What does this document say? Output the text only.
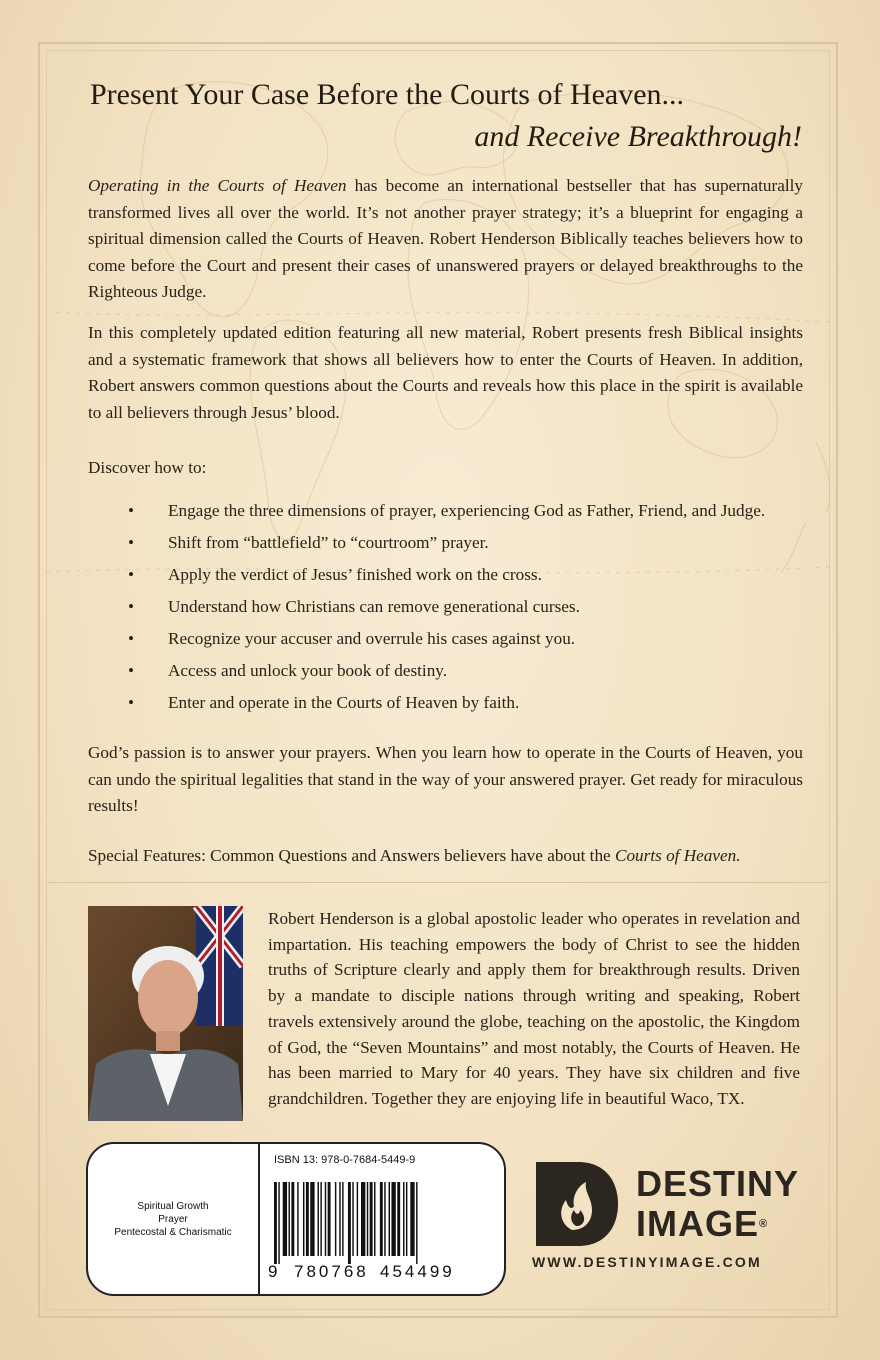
Present Your Case Before the Courts of Heaven...
and Receive Breakthrough!
Operating in the Courts of Heaven has become an international bestseller that has supernaturally transformed lives all over the world. It’s not another prayer strategy; it’s a blueprint for engaging a spiritual dimension called the Courts of Heaven. Robert Henderson Biblically teaches believers how to come before the Court and present their cases of unanswered prayers or delayed breakthroughs to the Righteous Judge.
In this completely updated edition featuring all new material, Robert presents fresh Biblical insights and a systematic framework that shows all believers how to enter the Courts of Heaven. In addition, Robert answers common questions about the Courts and reveals how this place in the spirit is available to all believers through Jesus’ blood.
Discover how to:
• Engage the three dimensions of prayer, experiencing God as Father, Friend, and Judge.
• Shift from “battlefield” to “courtroom” prayer.
• Apply the verdict of Jesus’ finished work on the cross.
• Understand how Christians can remove generational curses.
• Recognize your accuser and overrule his cases against you.
• Access and unlock your book of destiny.
• Enter and operate in the Courts of Heaven by faith.
God’s passion is to answer your prayers. When you learn how to operate in the Courts of Heaven, you can undo the spiritual legalities that stand in the way of your answered prayer. Get ready for miraculous results!
Special Features: Common Questions and Answers believers have about the Courts of Heaven.
Robert Henderson is a global apostolic leader who operates in revelation and impartation. His teaching empowers the body of Christ to see the hidden truths of Scripture clearly and apply them for breakthrough results. Driven by a mandate to disciple nations through writing and speaking, Robert travels extensively around the globe, teaching on the apostolic, the Kingdom of God, the “Seven Mountains” and most notably, the Courts of Heaven. He has been married to Mary for 40 years. They have six children and five grandchildren. Together they are enjoying life in beautiful Waco, TX.
Spiritual Growth
Prayer
Pentecostal & Charismatic
ISBN 13: 978-0-7684-5449-9
9 780768 454499
DESTINY
IMAGE®
WWW.DESTINYIMAGE.COM
